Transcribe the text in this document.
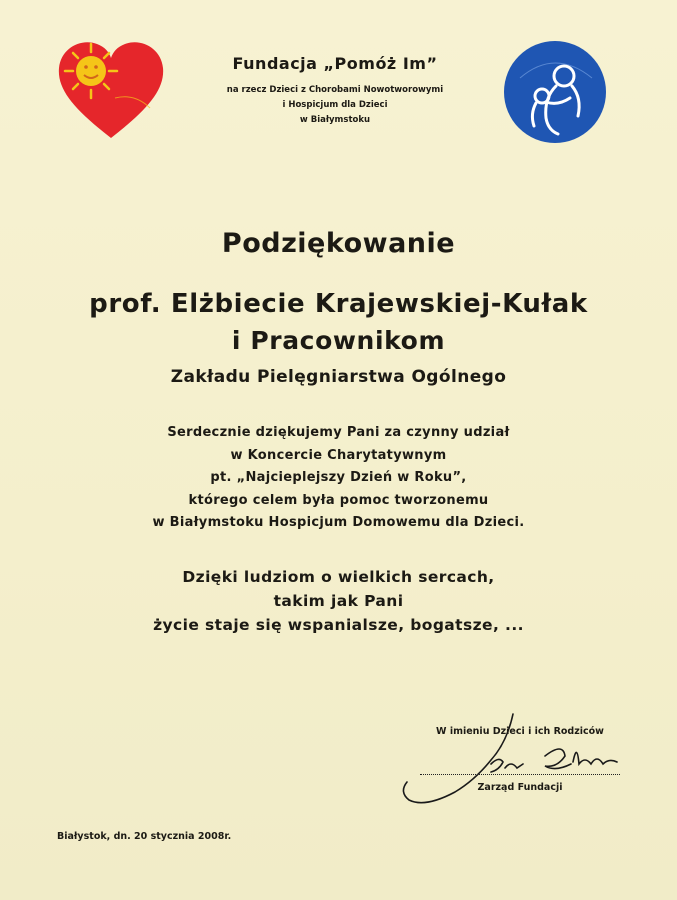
Fundacja „Pomóż Im”
na rzecz Dzieci z Chorobami Nowotworowymi
i Hospicjum dla Dzieci
w Białymstoku
Podziękowanie
prof. Elżbiecie Krajewskiej-Kułak
i Pracownikom
Zakładu Pielęgniarstwa Ogólnego
Serdecznie dziękujemy Pani za czynny udział
w Koncercie Charytatywnym
pt. „Najcieplejszy Dzień w Roku”,
którego celem była pomoc tworzonemu
w Białymstoku Hospicjum Domowemu dla Dzieci.
Dzięki ludziom o wielkich sercach,
takim jak Pani
życie staje się wspanialsze, bogatsze, ...
W imieniu Dzieci i ich Rodziców
Zarząd Fundacji
Białystok, dn. 20 stycznia 2008r.
